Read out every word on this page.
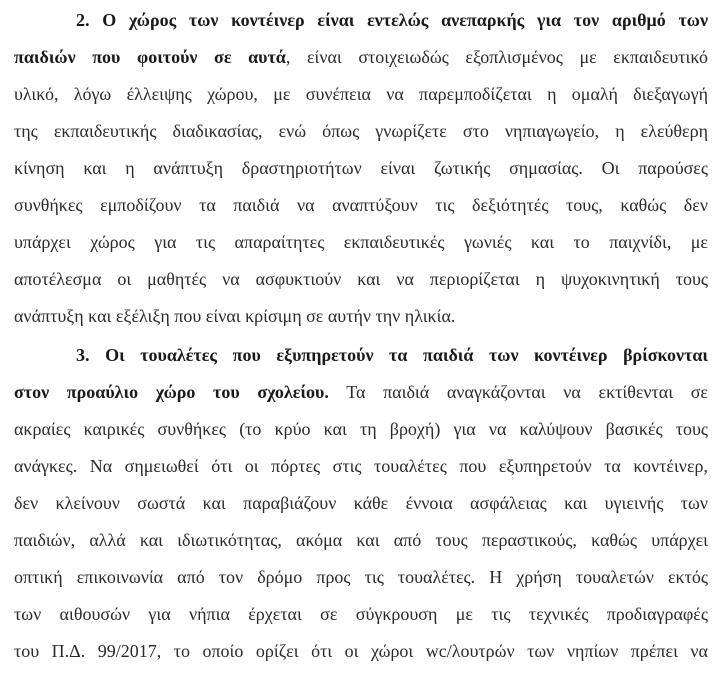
2. Ο χώρος των κοντέινερ είναι εντελώς ανεπαρκής για τον αριθμό των
παιδιών που φοιτούν σε αυτά, είναι στοιχειωδώς εξοπλισμένος με εκπαιδευτικό
υλικό, λόγω έλλειψης χώρου, με συνέπεια να παρεμποδίζεται η ομαλή διεξαγωγή
της εκπαιδευτικής διαδικασίας, ενώ όπως γνωρίζετε στο νηπιαγωγείο, η ελεύθερη
κίνηση και η ανάπτυξη δραστηριοτήτων είναι ζωτικής σημασίας. Οι παρούσες
συνθήκες εμποδίζουν τα παιδιά να αναπτύξουν τις δεξιότητές τους, καθώς δεν
υπάρχει χώρος για τις απαραίτητες εκπαιδευτικές γωνιές και το παιχνίδι, με
αποτέλεσμα οι μαθητές να ασφυκτιούν και να περιορίζεται η ψυχοκινητική τους
ανάπτυξη και εξέλιξη που είναι κρίσιμη σε αυτήν την ηλικία.
3. Οι τουαλέτες που εξυπηρετούν τα παιδιά των κοντέινερ βρίσκονται
στον προαύλιο χώρο του σχολείου. Τα παιδιά αναγκάζονται να εκτίθενται σε
ακραίες καιρικές συνθήκες (το κρύο και τη βροχή) για να καλύψουν βασικές τους
ανάγκες. Να σημειωθεί ότι οι πόρτες στις τουαλέτες που εξυπηρετούν τα κοντέινερ,
δεν κλείνουν σωστά και παραβιάζουν κάθε έννοια ασφάλειας και υγιεινής των
παιδιών, αλλά και ιδιωτικότητας, ακόμα και από τους περαστικούς, καθώς υπάρχει
οπτική επικοινωνία από τον δρόμο προς τις τουαλέτες. Η χρήση τουαλετών εκτός
των αιθουσών για νήπια έρχεται σε σύγκρουση με τις τεχνικές προδιαγραφές
του Π.Δ. 99/2017, το οποίο ορίζει ότι οι χώροι wc/λουτρών των νηπίων πρέπει να
